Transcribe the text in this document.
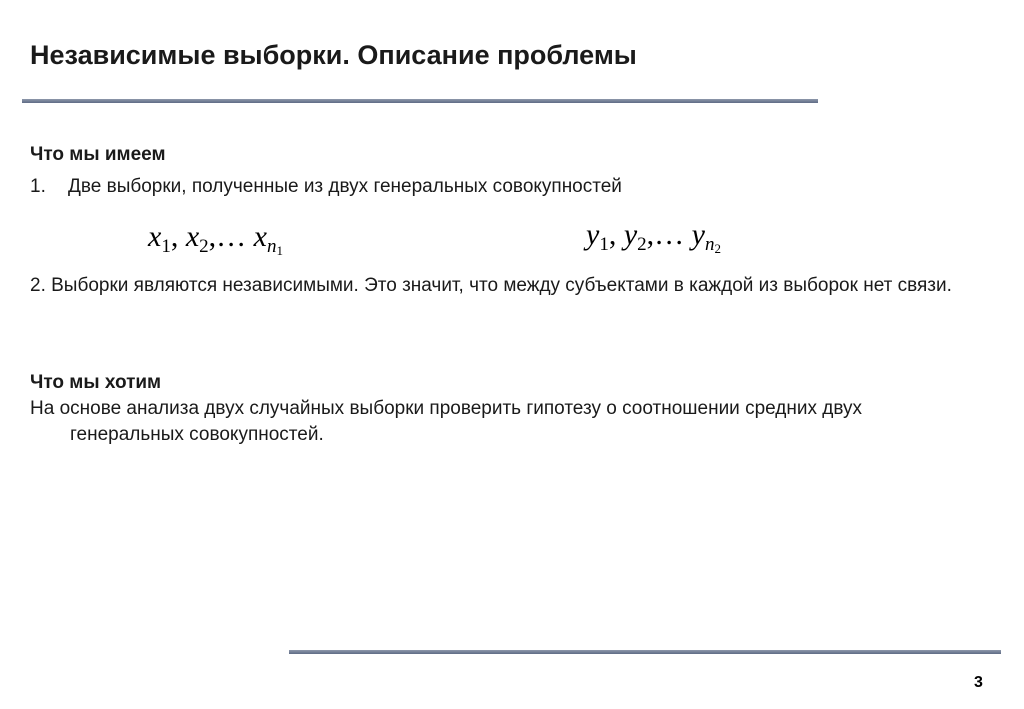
Независимые выборки. Описание проблемы
Что мы имеем
1. Две выборки, полученные из двух генеральных совокупностей
$x_1$, $x_2,\dots$ $x_{n_1}$	$y_1$, $y_2,\dots$ $y_{n_2}$
2. Выборки являются независимыми. Это значит, что между субъектами в каждой из выборок нет связи.
Что мы хотим
На основе анализа двух случайных выборки проверить гипотезу о соотношении средних двух генеральных совокупностей.
3
